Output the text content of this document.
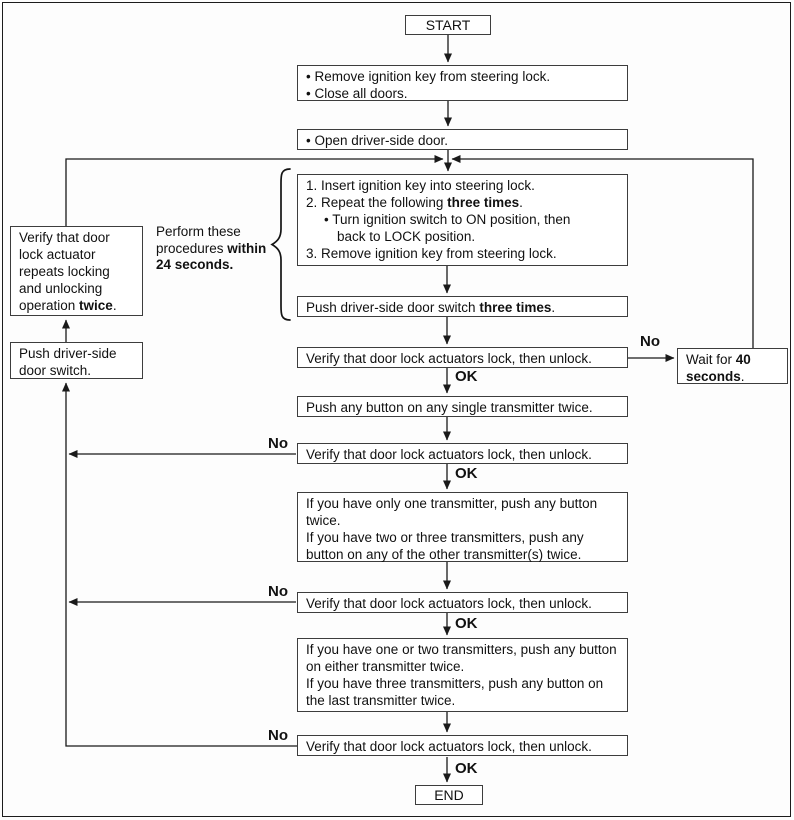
START
• Remove ignition key from steering lock.
• Close all doors.
• Open driver-side door.
1. Insert ignition key into steering lock.
2. Repeat the following three times.
• Turn ignition switch to ON position, then
back to LOCK position.
3. Remove ignition key from steering lock.
Perform these
procedures within
24 seconds.
Push driver-side door switch three times.
Verify that door lock actuators lock, then unlock.	Wait for 40 seconds.
Push any button on any single transmitter twice.
Verify that door lock actuators lock, then unlock.
If you have only one transmitter, push any button twice.
If you have two or three transmitters, push any button on any of the other transmitter(s) twice.
Verify that door lock actuators lock, then unlock.
If you have one or two transmitters, push any button on either transmitter twice.
If you have three transmitters, push any button on the last transmitter twice.
Verify that door lock actuators lock, then unlock.
END
Verify that door lock actuator repeats locking and unlocking operation twice.
Push driver-side door switch.
No
OK
No
OK
No
OK
No
OK
